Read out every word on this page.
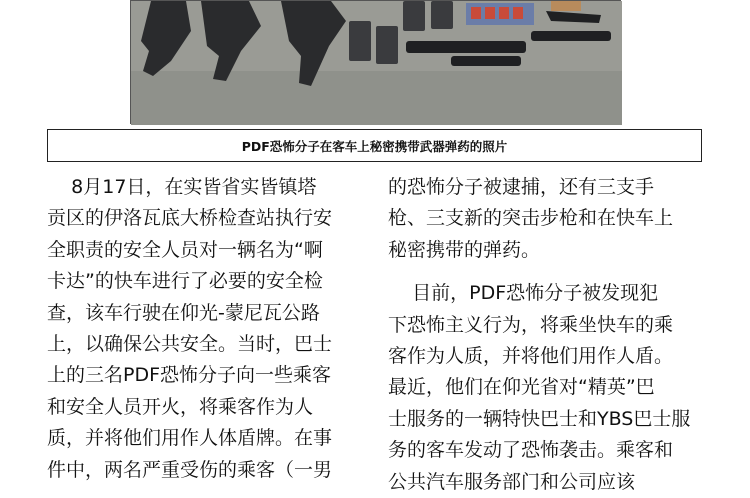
PDF恐怖分子在客车上秘密携带武器弹药的照片

8月17日，在实皆省实皆镇塔
贡区的伊洛瓦底大桥检查站执行安
全职责的安全人员对一辆名为“啊
卡达”的快车进行了必要的安全检
查，该车行驶在仰光-蒙尼瓦公路
上，以确保公共安全。当时，巴士
上的三名PDF恐怖分子向一些乘客
和安全人员开火，将乘客作为人
质，并将他们用作人体盾牌。在事
件中，两名严重受伤的乘客（一男

的恐怖分子被逮捕，还有三支手
枪、三支新的突击步枪和在快车上
秘密携带的弹药。

目前，PDF恐怖分子被发现犯
下恐怖主义行为，将乘坐快车的乘
客作为人质，并将他们用作人盾。
最近，他们在仰光省对“精英”巴
士服务的一辆特快巴士和YBS巴士服
务的客车发动了恐怖袭击。乘客和
公共汽车服务部门和公司应该
